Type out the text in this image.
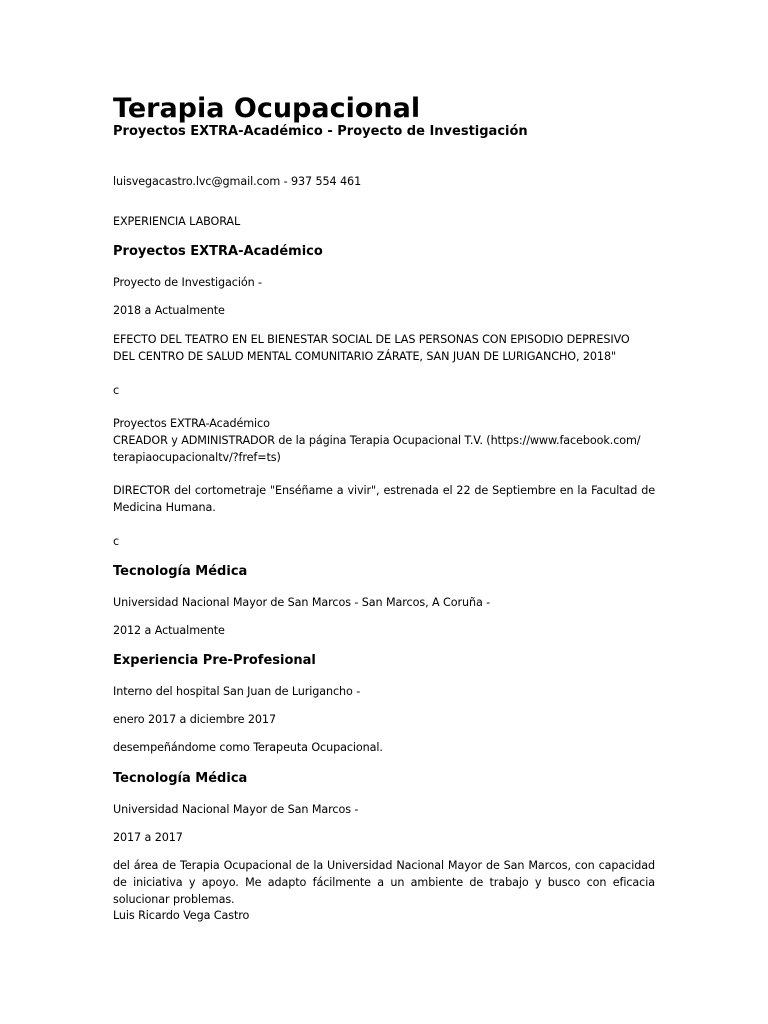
Terapia Ocupacional
Proyectos EXTRA-Académico - Proyecto de Investigación
luisvegacastro.lvc@gmail.com - 937 554 461
EXPERIENCIA LABORAL
Proyectos EXTRA-Académico
Proyecto de Investigación -
2018 a Actualmente
EFECTO DEL TEATRO EN EL BIENESTAR SOCIAL DE LAS PERSONAS CON EPISODIO DEPRESIVO
DEL CENTRO DE SALUD MENTAL COMUNITARIO ZÁRATE, SAN JUAN DE LURIGANCHO, 2018"
c
Proyectos EXTRA-Académico
CREADOR y ADMINISTRADOR de la página Terapia Ocupacional T.V. (https://www.facebook.com/
terapiaocupacionaltv/?fref=ts)
DIRECTOR del cortometraje "Enséñame a vivir", estrenada el 22 de Septiembre en la Facultad de Medicina Humana.
c
Tecnología Médica
Universidad Nacional Mayor de San Marcos - San Marcos, A Coruña -
2012 a Actualmente
Experiencia Pre-Profesional
Interno del hospital San Juan de Lurigancho -
enero 2017 a diciembre 2017
desempeñándome como Terapeuta Ocupacional.
Tecnología Médica
Universidad Nacional Mayor de San Marcos -
2017 a 2017
del área de Terapia Ocupacional de la Universidad Nacional Mayor de San Marcos, con capacidad de iniciativa y apoyo. Me adapto fácilmente a un ambiente de trabajo y busco con eficacia solucionar problemas.
Luis Ricardo Vega Castro
